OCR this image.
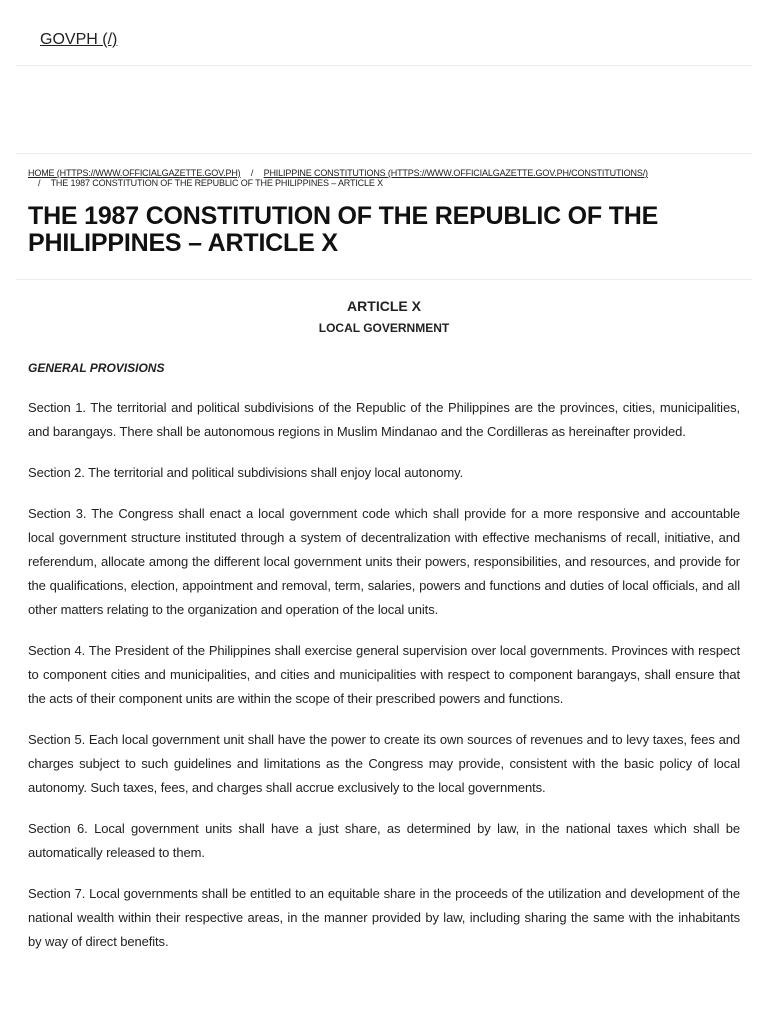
GOVPH (/)
HOME (HTTPS://WWW.OFFICIALGAZETTE.GOV.PH) / PHILIPPINE CONSTITUTIONS (HTTPS://WWW.OFFICIALGAZETTE.GOV.PH/CONSTITUTIONS/)
/ THE 1987 CONSTITUTION OF THE REPUBLIC OF THE PHILIPPINES – ARTICLE X
THE 1987 CONSTITUTION OF THE REPUBLIC OF THE PHILIPPINES – ARTICLE X

ARTICLE X

LOCAL GOVERNMENT

GENERAL PROVISIONS

Section 1. The territorial and political subdivisions of the Republic of the Philippines are the provinces, cities, municipalities, and barangays. There shall be autonomous regions in Muslim Mindanao and the Cordilleras as hereinafter provided.

Section 2. The territorial and political subdivisions shall enjoy local autonomy.

Section 3. The Congress shall enact a local government code which shall provide for a more responsive and accountable local government structure instituted through a system of decentralization with effective mechanisms of recall, initiative, and referendum, allocate among the different local government units their powers, responsibilities, and resources, and provide for the qualifications, election, appointment and removal, term, salaries, powers and functions and duties of local officials, and all other matters relating to the organization and operation of the local units.

Section 4. The President of the Philippines shall exercise general supervision over local governments. Provinces with respect to component cities and municipalities, and cities and municipalities with respect to component barangays, shall ensure that the acts of their component units are within the scope of their prescribed powers and functions.

Section 5. Each local government unit shall have the power to create its own sources of revenues and to levy taxes, fees and charges subject to such guidelines and limitations as the Congress may provide, consistent with the basic policy of local autonomy. Such taxes, fees, and charges shall accrue exclusively to the local governments.

Section 6. Local government units shall have a just share, as determined by law, in the national taxes which shall be automatically released to them.

Section 7. Local governments shall be entitled to an equitable share in the proceeds of the utilization and development of the national wealth within their respective areas, in the manner provided by law, including sharing the same with the inhabitants by way of direct benefits.
